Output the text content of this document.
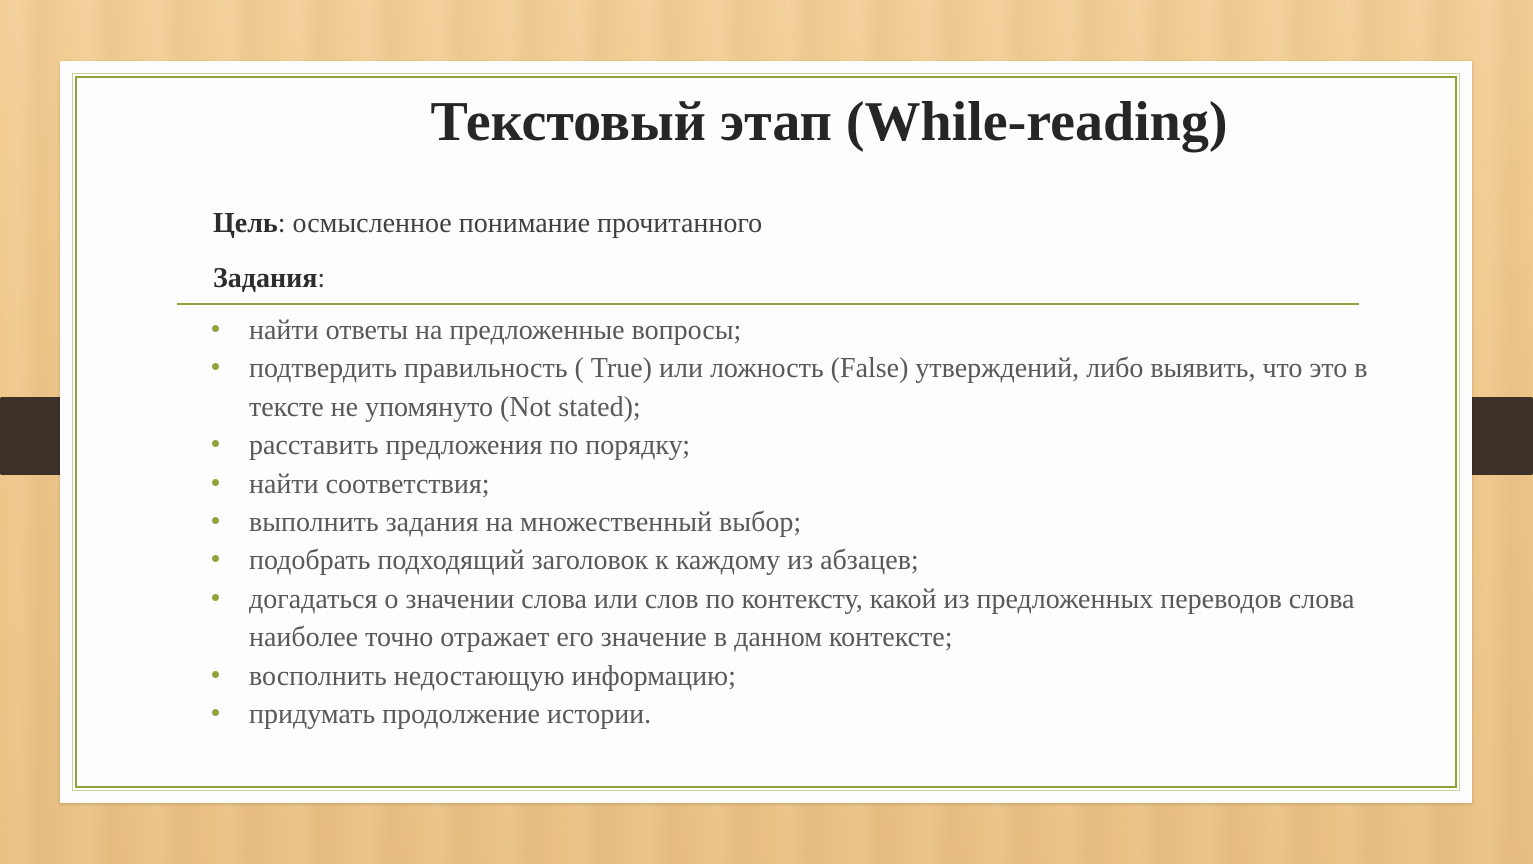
Текстовый этап (While-reading)
Цель: осмысленное понимание прочитанного
Задания:
найти ответы на предложенные вопросы;
подтвердить правильность ( True) или ложность (False) утверждений, либо выявить, что это в тексте не упомянуто (Not stated);
расставить предложения по порядку;
найти соответствия;
выполнить задания на множественный выбор;
подобрать подходящий заголовок к каждому из абзацев;
догадаться о значении слова или слов по контексту, какой из предложенных переводов слова наиболее точно отражает его значение в данном контексте;
восполнить недостающую информацию;
придумать продолжение истории.
